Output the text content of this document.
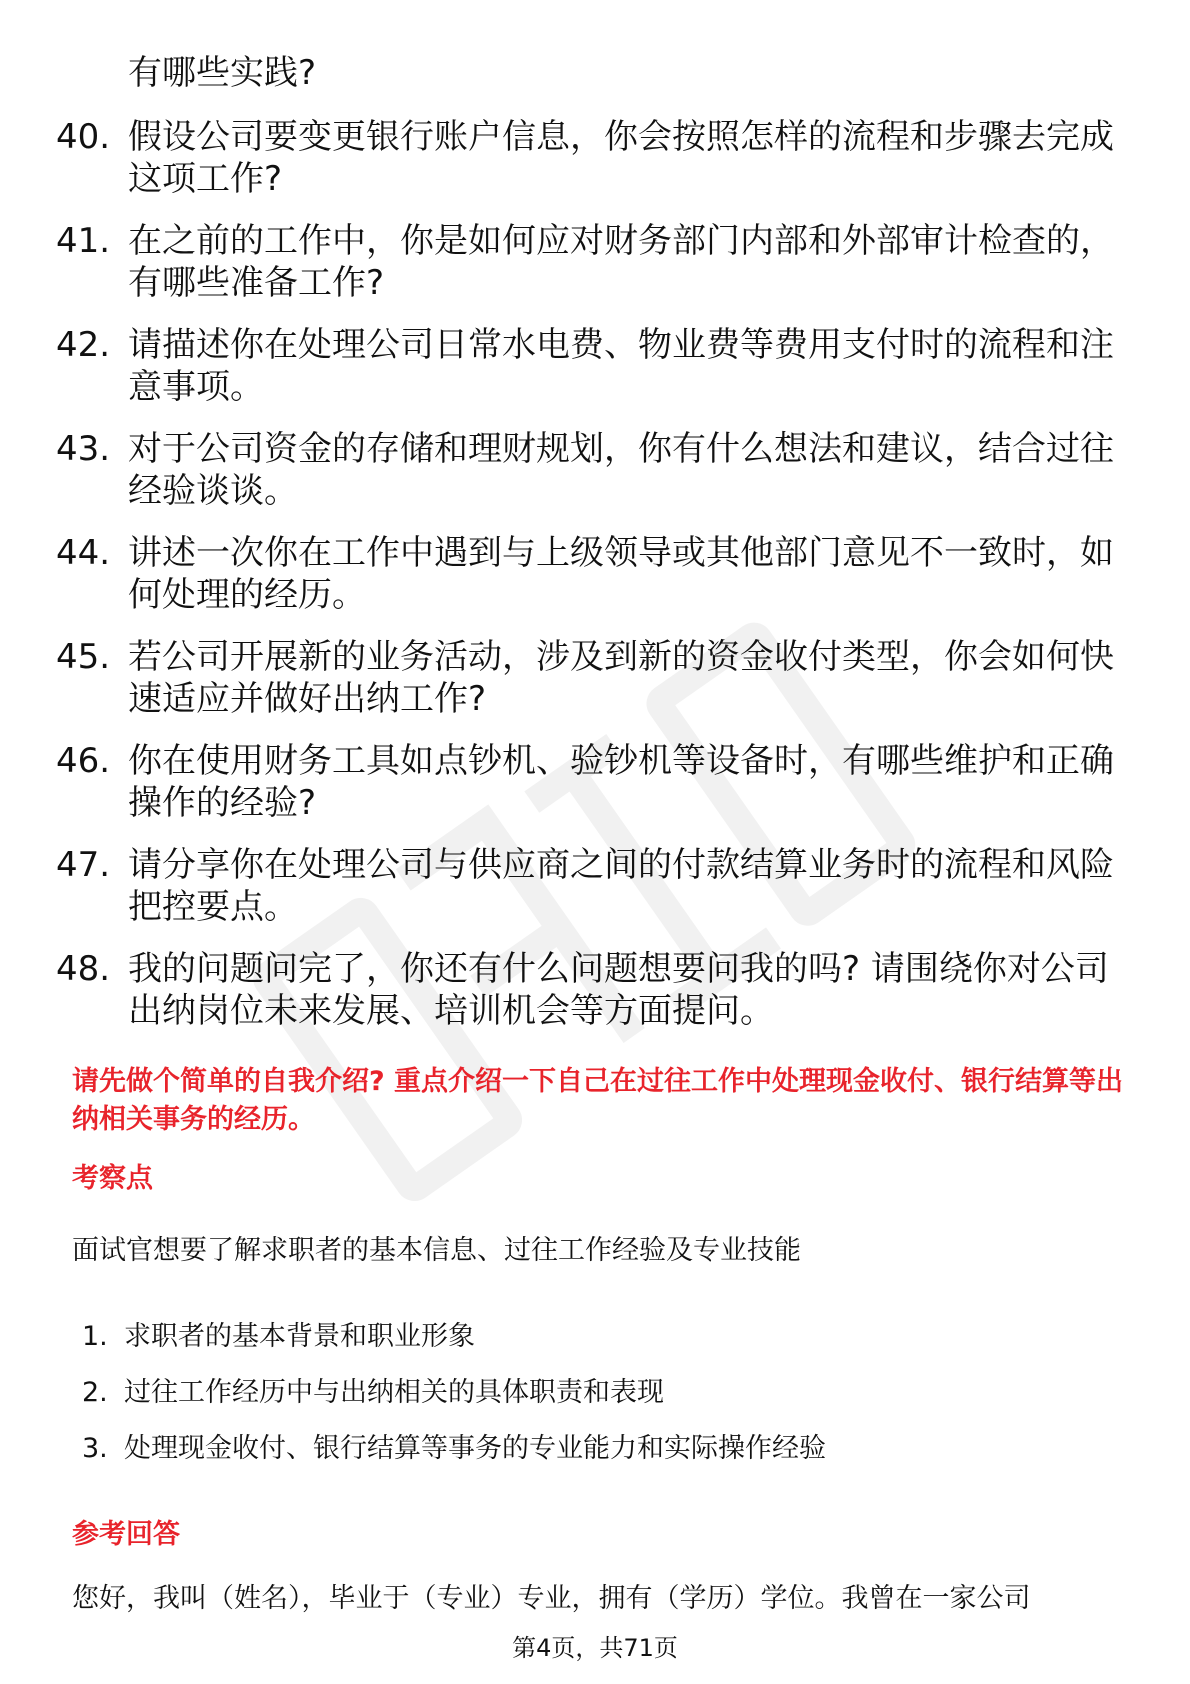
有哪些实践?
40. 假设公司要变更银行账户信息，你会按照怎样的流程和步骤去完成这项工作?
41. 在之前的工作中，你是如何应对财务部门内部和外部审计检查的，有哪些准备工作?
42. 请描述你在处理公司日常水电费、物业费等费用支付时的流程和注意事项。
43. 对于公司资金的存储和理财规划，你有什么想法和建议，结合过往经验谈谈。
44. 讲述一次你在工作中遇到与上级领导或其他部门意见不一致时，如何处理的经历。
45. 若公司开展新的业务活动，涉及到新的资金收付类型，你会如何快速适应并做好出纳工作?
46. 你在使用财务工具如点钞机、验钞机等设备时，有哪些维护和正确操作的经验?
47. 请分享你在处理公司与供应商之间的付款结算业务时的流程和风险把控要点。
48. 我的问题问完了，你还有什么问题想要问我的吗? 请围绕你对公司出纳岗位未来发展、培训机会等方面提问。
请先做个简单的自我介绍? 重点介绍一下自己在过往工作中处理现金收付、银行结算等出纳相关事务的经历。
考察点
面试官想要了解求职者的基本信息、过往工作经验及专业技能
1. 求职者的基本背景和职业形象
2. 过往工作经历中与出纳相关的具体职责和表现
3. 处理现金收付、银行结算等事务的专业能力和实际操作经验
参考回答
您好，我叫（姓名），毕业于（专业）专业，拥有（学历）学位。我曾在一家公司
第4页，共71页
